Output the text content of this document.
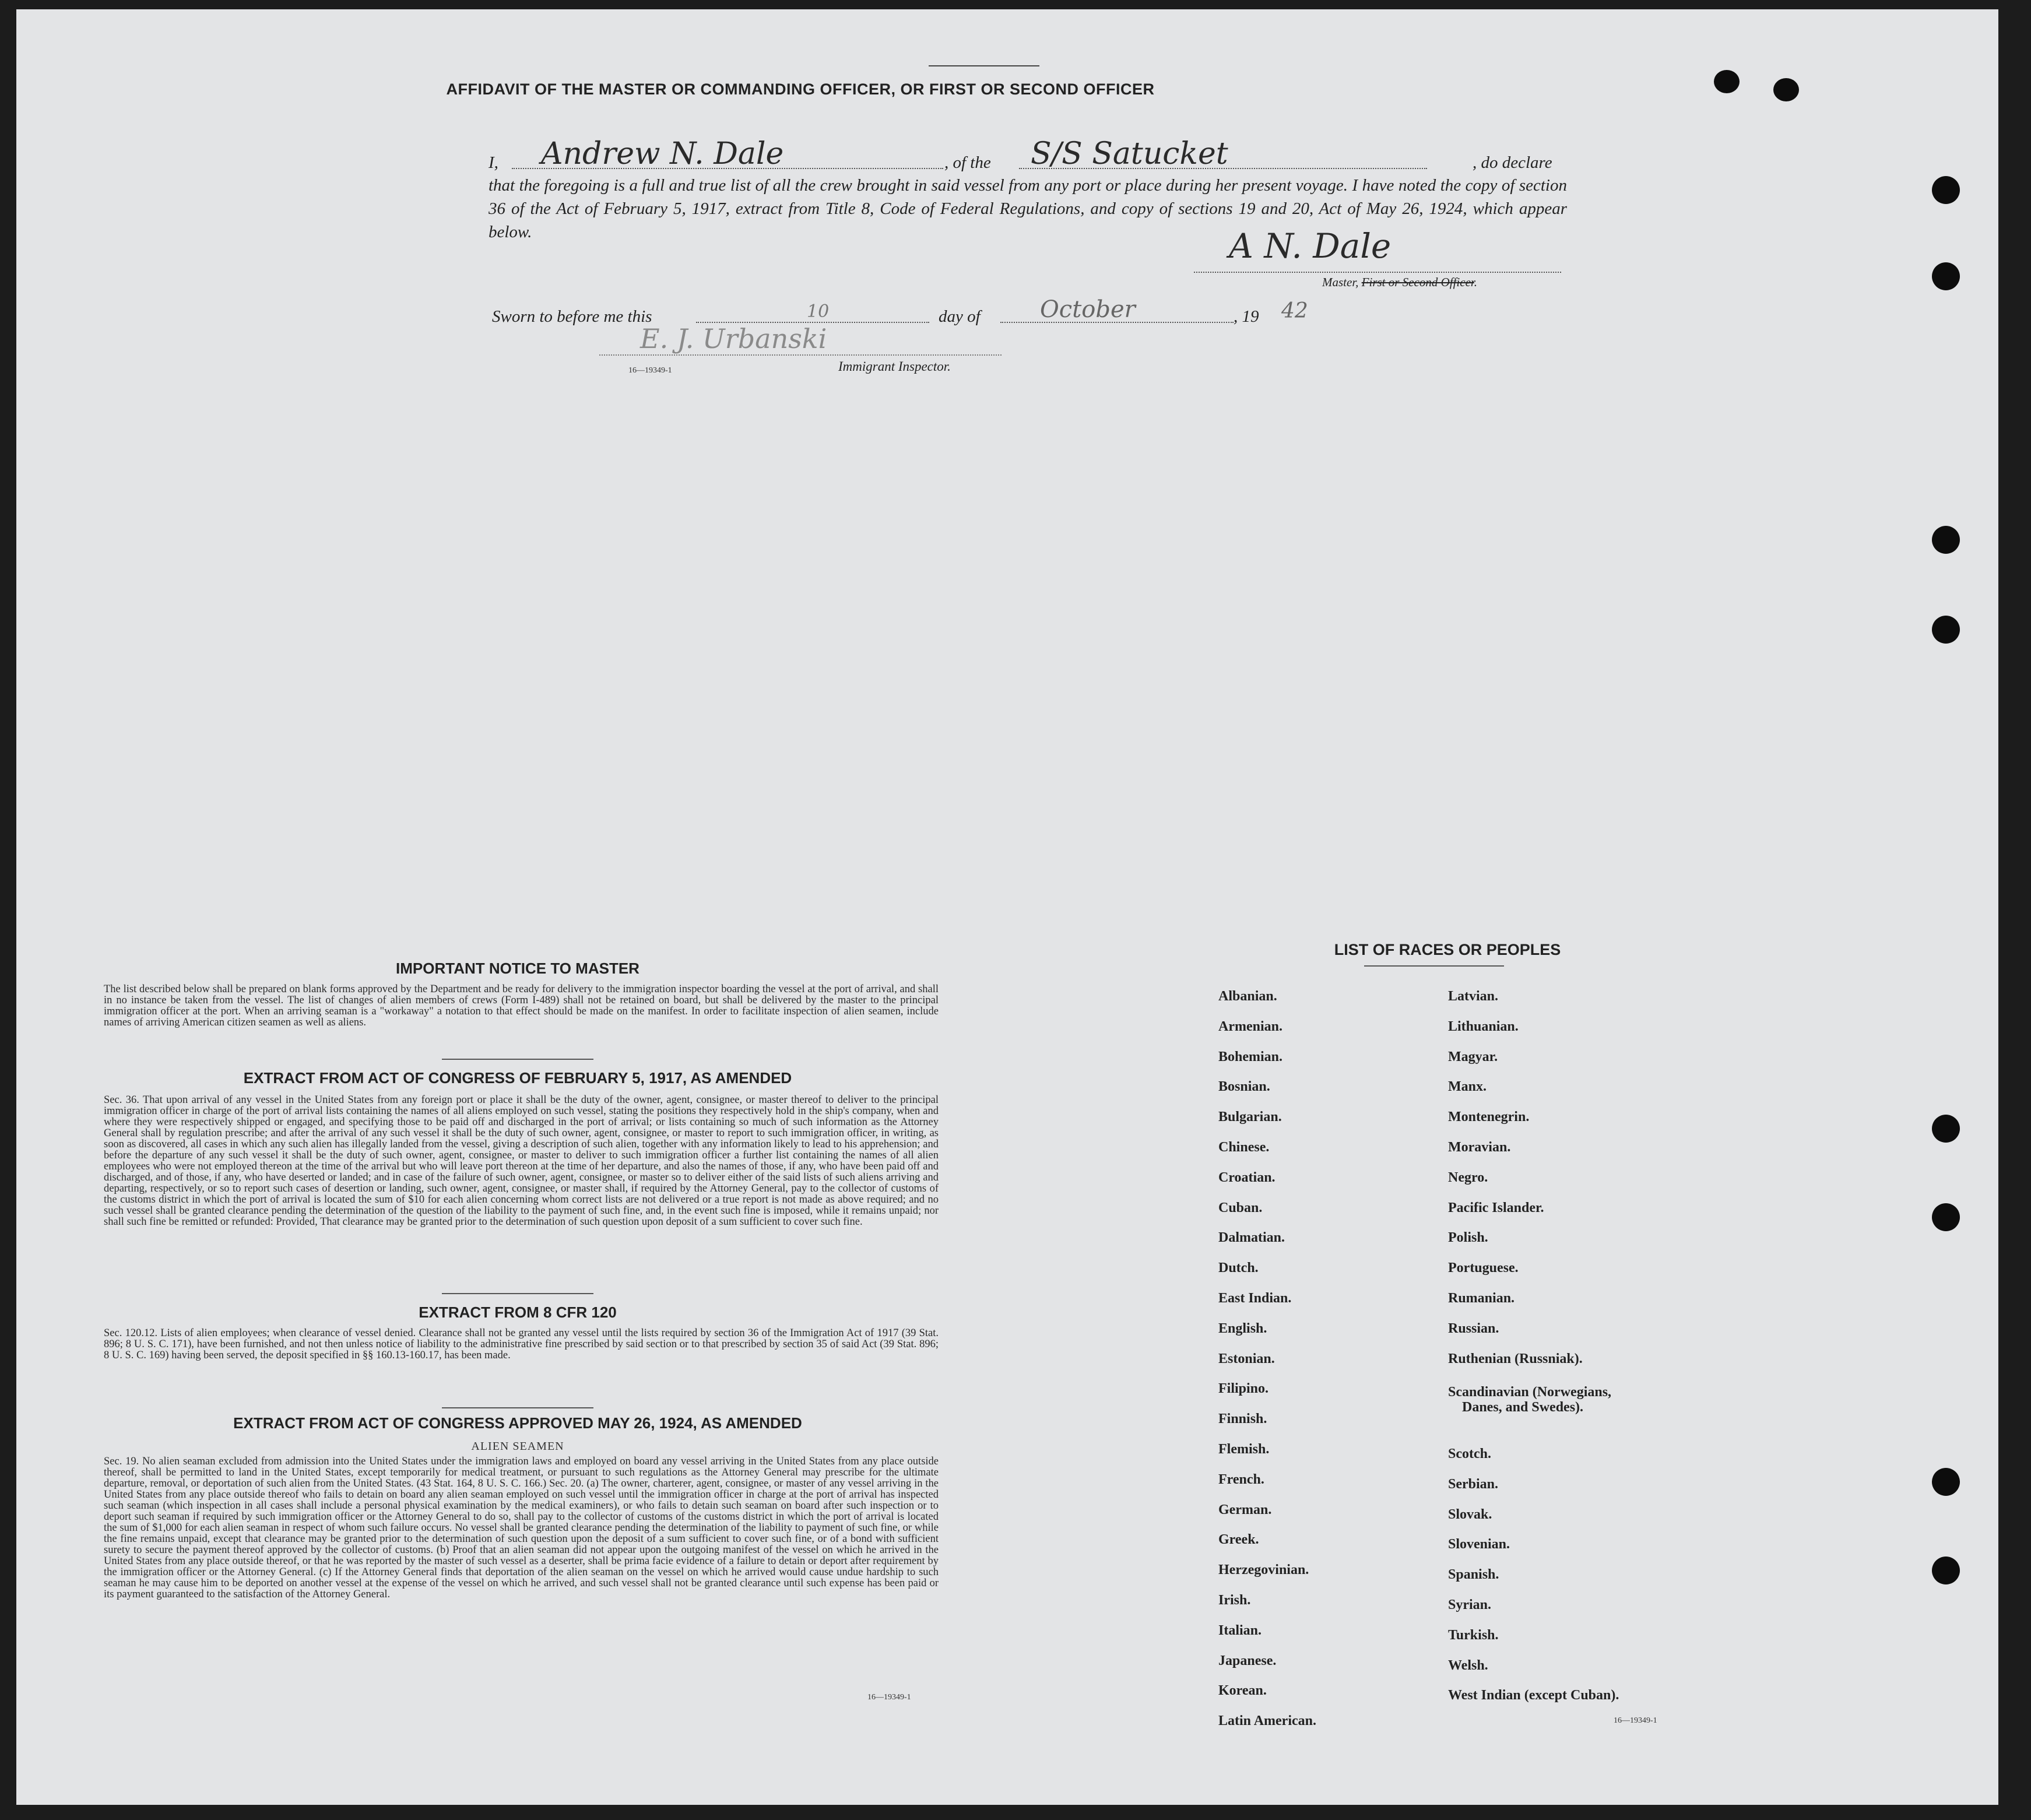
AFFIDAVIT OF THE MASTER OR COMMANDING OFFICER, OR FIRST OR SECOND OFFICER
I, Andrew N. Dale	, of the S/S Satucket	, do declare
that the foregoing is a full and true list of all the crew brought in said vessel from any port or place during her present voyage. I have noted the copy of section 36 of the Act of February 5, 1917, extract from Title 8, Code of Federal Regulations, and copy of sections 19 and 20, Act of May 26, 1924, which appear below.	A N. Dale
Master, First or Second Officer.
Sworn to before me this	10	day of	October	, 19 42
E. J. Urbanski
Immigrant Inspector.
16—19349-1
IMPORTANT NOTICE TO MASTER
The list described below shall be prepared on blank forms approved by the Department and be ready for delivery to the immigration inspector boarding the vessel at the port of arrival, and shall in no instance be taken from the vessel. The list of changes of alien members of crews (Form I-489) shall not be retained on board, but shall be delivered by the master to the principal immigration officer at the port. When an arriving seaman is a "workaway" a notation to that effect should be made on the manifest. In order to facilitate inspection of alien seamen, include names of arriving American citizen seamen as well as aliens.
EXTRACT FROM ACT OF CONGRESS OF FEBRUARY 5, 1917, AS AMENDED
Sec. 36. That upon arrival of any vessel in the United States from any foreign port or place it shall be the duty of the owner, agent, consignee, or master thereof to deliver to the principal immigration officer in charge of the port of arrival lists containing the names of all aliens employed on such vessel, stating the positions they respectively hold in the ship's company, when and where they were respectively shipped or engaged, and specifying those to be paid off and discharged in the port of arrival; or lists containing so much of such information as the Attorney General shall by regulation prescribe; and after the arrival of any such vessel it shall be the duty of such owner, agent, consignee, or master to report to such immigration officer, in writing, as soon as discovered, all cases in which any such alien has illegally landed from the vessel, giving a description of such alien, together with any information likely to lead to his apprehension; and before the departure of any such vessel it shall be the duty of such owner, agent, consignee, or master to deliver to such immigration officer a further list containing the names of all alien employees who were not employed thereon at the time of the arrival but who will leave port thereon at the time of her departure, and also the names of those, if any, who have been paid off and discharged, and of those, if any, who have deserted or landed; and in case of the failure of such owner, agent, consignee, or master so to deliver either of the said lists of such aliens arriving and departing, respectively, or so to report such cases of desertion or landing, such owner, agent, consignee, or master shall, if required by the Attorney General, pay to the collector of customs of the customs district in which the port of arrival is located the sum of $10 for each alien concerning whom correct lists are not delivered or a true report is not made as above required; and no such vessel shall be granted clearance pending the determination of the question of the liability to the payment of such fine, and, in the event such fine is imposed, while it remains unpaid; nor shall such fine be remitted or refunded: Provided, That clearance may be granted prior to the determination of such question upon deposit of a sum sufficient to cover such fine.
EXTRACT FROM 8 CFR 120
Sec. 120.12. Lists of alien employees; when clearance of vessel denied. Clearance shall not be granted any vessel until the lists required by section 36 of the Immigration Act of 1917 (39 Stat. 896; 8 U. S. C. 171), have been furnished, and not then unless notice of liability to the administrative fine prescribed by said section or to that prescribed by section 35 of said Act (39 Stat. 896; 8 U. S. C. 169) having been served, the deposit specified in §§ 160.13-160.17, has been made.
EXTRACT FROM ACT OF CONGRESS APPROVED MAY 26, 1924, AS AMENDED
ALIEN SEAMEN
Sec. 19. No alien seaman excluded from admission into the United States under the immigration laws and employed on board any vessel arriving in the United States from any place outside thereof, shall be permitted to land in the United States, except temporarily for medical treatment, or pursuant to such regulations as the Attorney General may prescribe for the ultimate departure, removal, or deportation of such alien from the United States. (43 Stat. 164, 8 U. S. C. 166.) Sec. 20. (a) The owner, charterer, agent, consignee, or master of any vessel arriving in the United States from any place outside thereof who fails to detain on board any alien seaman employed on such vessel until the immigration officer in charge at the port of arrival has inspected such seaman (which inspection in all cases shall include a personal physical examination by the medical examiners), or who fails to detain such seaman on board after such inspection or to deport such seaman if required by such immigration officer or the Attorney General to do so, shall pay to the collector of customs of the customs district in which the port of arrival is located the sum of $1,000 for each alien seaman in respect of whom such failure occurs. No vessel shall be granted clearance pending the determination of the liability to payment of such fine, or while the fine remains unpaid, except that clearance may be granted prior to the determination of such question upon the deposit of a sum sufficient to cover such fine, or of a bond with sufficient surety to secure the payment thereof approved by the collector of customs. (b) Proof that an alien seaman did not appear upon the outgoing manifest of the vessel on which he arrived in the United States from any place outside thereof, or that he was reported by the master of such vessel as a deserter, shall be prima facie evidence of a failure to detain or deport after requirement by the immigration officer or the Attorney General. (c) If the Attorney General finds that deportation of the alien seaman on the vessel on which he arrived would cause undue hardship to such seaman he may cause him to be deported on another vessel at the expense of the vessel on which he arrived, and such vessel shall not be granted clearance until such expense has been paid or its payment guaranteed to the satisfaction of the Attorney General.
16—19349-1
LIST OF RACES OR PEOPLES
16—19349-1
Albanian.
Armenian.
Bohemian.
Bosnian.
Bulgarian.
Chinese.
Croatian.
Cuban.
Dalmatian.
Dutch.
East Indian.
English.
Estonian.
Filipino.
Finnish.
Flemish.
French.
German.
Greek.
Herzegovinian.
Irish.
Italian.
Japanese.
Korean.
Latin American.
Latvian.
Lithuanian.
Magyar.
Manx.
Montenegrin.
Moravian.
Negro.
Pacific Islander.
Polish.
Portuguese.
Rumanian.
Russian.
Ruthenian (Russniak).
Scandinavian (Norwegians,
Danes, and Swedes).
Scotch.
Serbian.
Slovak.
Slovenian.
Spanish.
Syrian.
Turkish.
Welsh.
West Indian (except Cuban).
